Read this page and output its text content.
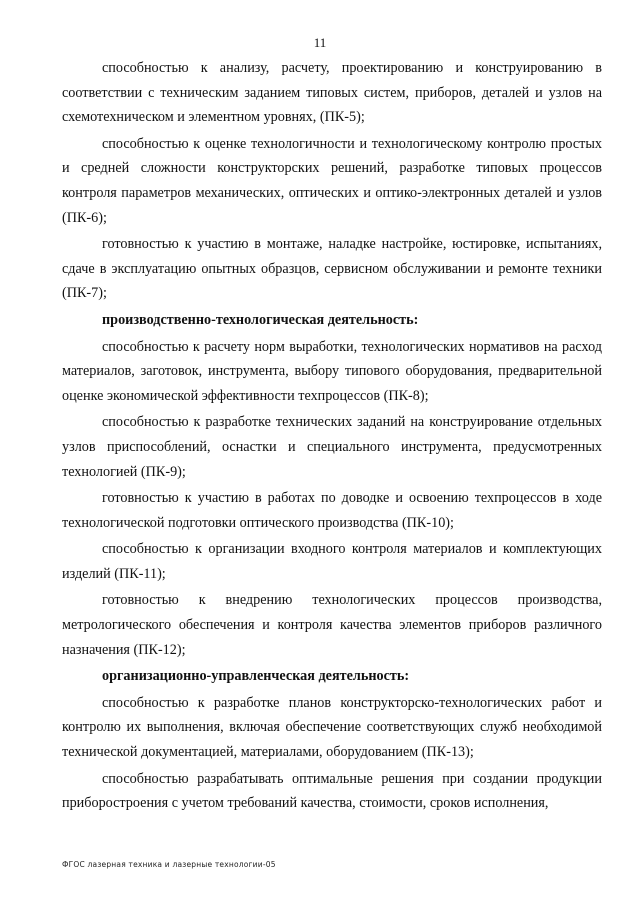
11

способностью к анализу, расчету, проектированию и конструированию в соответствии с техническим заданием типовых систем, приборов, деталей и узлов на схемотехническом и элементном уровнях, (ПК-5);

способностью к оценке технологичности и технологическому контролю простых и средней сложности конструкторских решений, разработке типовых процессов контроля параметров механических, оптических и оптико-электронных деталей и узлов (ПК-6);

готовностью к участию в монтаже, наладке настройке, юстировке, испытаниях, сдаче в эксплуатацию опытных образцов, сервисном обслуживании и ремонте техники (ПК-7);

производственно-технологическая деятельность:

способностью к расчету норм выработки, технологических нормативов на расход материалов, заготовок, инструмента, выбору типового оборудования, предварительной оценке экономической эффективности техпроцессов (ПК-8);

способностью к разработке технических заданий на конструирование отдельных узлов приспособлений, оснастки и специального инструмента, предусмотренных технологией (ПК-9);

готовностью к участию в работах по доводке и освоению техпроцессов в ходе технологической подготовки оптического производства (ПК-10);

способностью к организации входного контроля материалов и комплектующих изделий (ПК-11);

готовностью к внедрению технологических процессов производства, метрологического обеспечения и контроля качества элементов приборов различного назначения (ПК-12);

организационно-управленческая деятельность:

способностью к разработке планов конструкторско-технологических работ и контролю их выполнения, включая обеспечение соответствующих служб необходимой технической документацией, материалами, оборудованием (ПК-13);

способностью разрабатывать оптимальные решения при создании продукции приборостроения с учетом требований качества, стоимости, сроков исполнения,

ФГОС лазерная техника и лазерные технологии-05
